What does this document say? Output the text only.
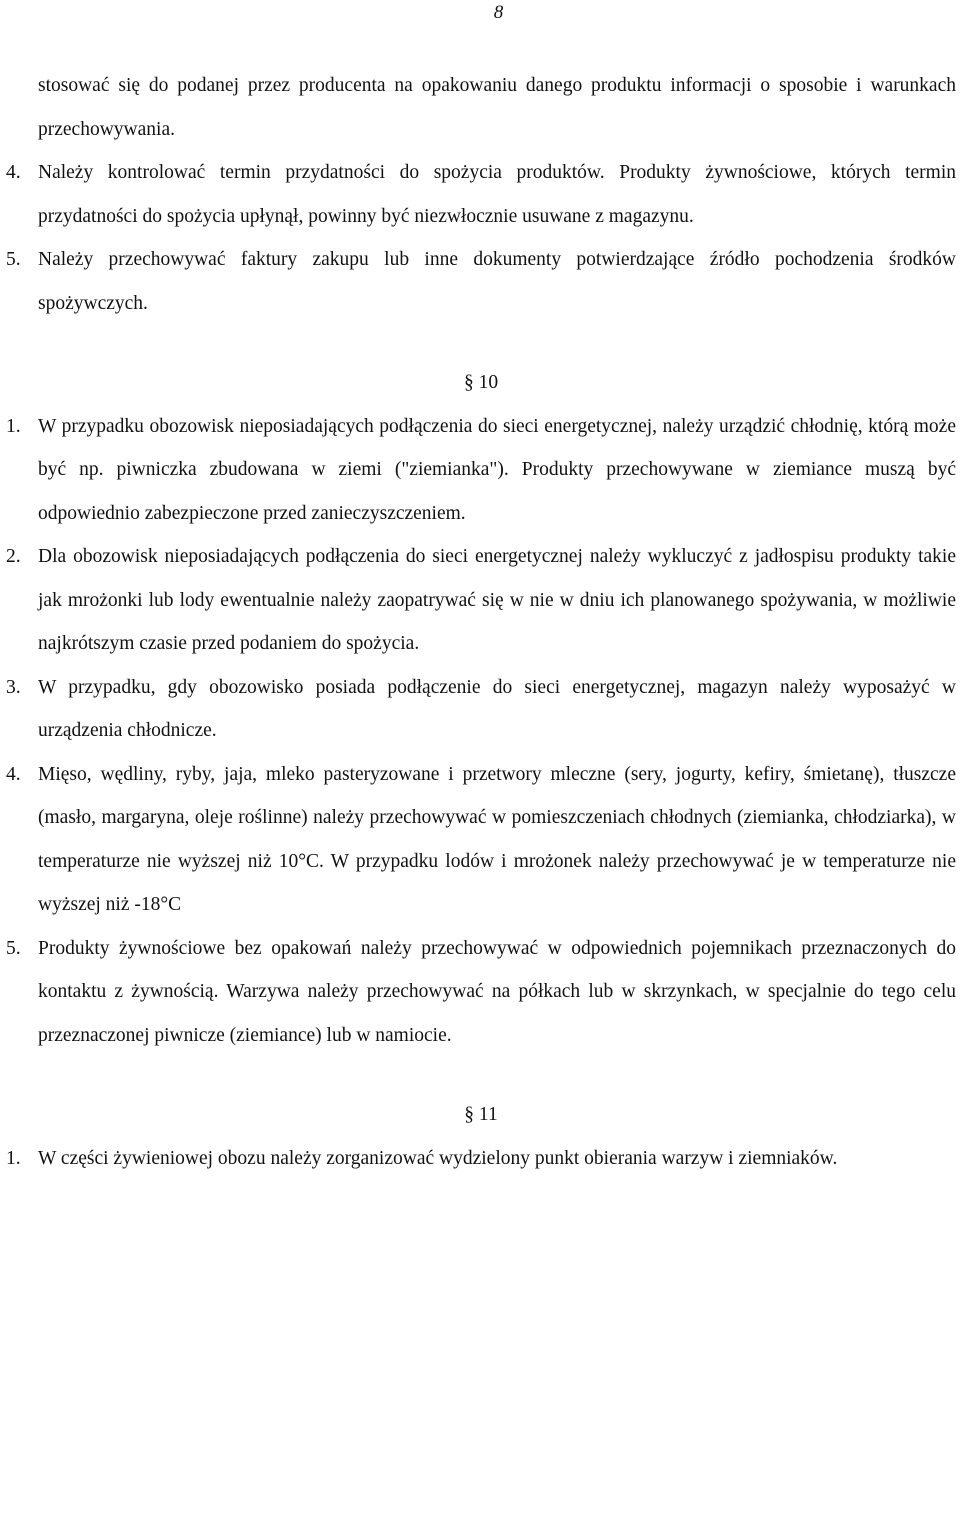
8

stosować się do podanej przez producenta na opakowaniu danego produktu informacji o sposobie i warunkach przechowywania.

4. Należy kontrolować termin przydatności do spożycia produktów. Produkty żywnościowe, których termin przydatności do spożycia upłynął, powinny być niezwłocznie usuwane z magazynu.

5. Należy przechowywać faktury zakupu lub inne dokumenty potwierdzające źródło pochodzenia środków spożywczych.

§ 10

1. W przypadku obozowisk nieposiadających podłączenia do sieci energetycznej, należy urządzić chłodnię, którą może być np. piwniczka zbudowana w ziemi ("ziemianka"). Produkty przechowywane w ziemiance muszą być odpowiednio zabezpieczone przed zanieczyszczeniem.

2. Dla obozowisk nieposiadających podłączenia do sieci energetycznej należy wykluczyć z jadłospisu produkty takie jak mrożonki lub lody ewentualnie należy zaopatrywać się w nie w dniu ich planowanego spożywania, w możliwie najkrótszym czasie przed podaniem do spożycia.

3. W przypadku, gdy obozowisko posiada podłączenie do sieci energetycznej, magazyn należy wyposażyć w urządzenia chłodnicze.

4. Mięso, wędliny, ryby, jaja, mleko pasteryzowane i przetwory mleczne (sery, jogurty, kefiry, śmietanę), tłuszcze (masło, margaryna, oleje roślinne) należy przechowywać w pomieszczeniach chłodnych (ziemianka, chłodziarka), w temperaturze nie wyższej niż 10°C. W przypadku lodów i mrożonek należy przechowywać je w temperaturze nie wyższej niż -18°C

5. Produkty żywnościowe bez opakowań należy przechowywać w odpowiednich pojemnikach przeznaczonych do kontaktu z żywnością. Warzywa należy przechowywać na półkach lub w skrzynkach, w specjalnie do tego celu przeznaczonej piwnicze (ziemiance) lub w namiocie.

§ 11

1. W części żywieniowej obozu należy zorganizować wydzielony punkt obierania warzyw i ziemniaków.
